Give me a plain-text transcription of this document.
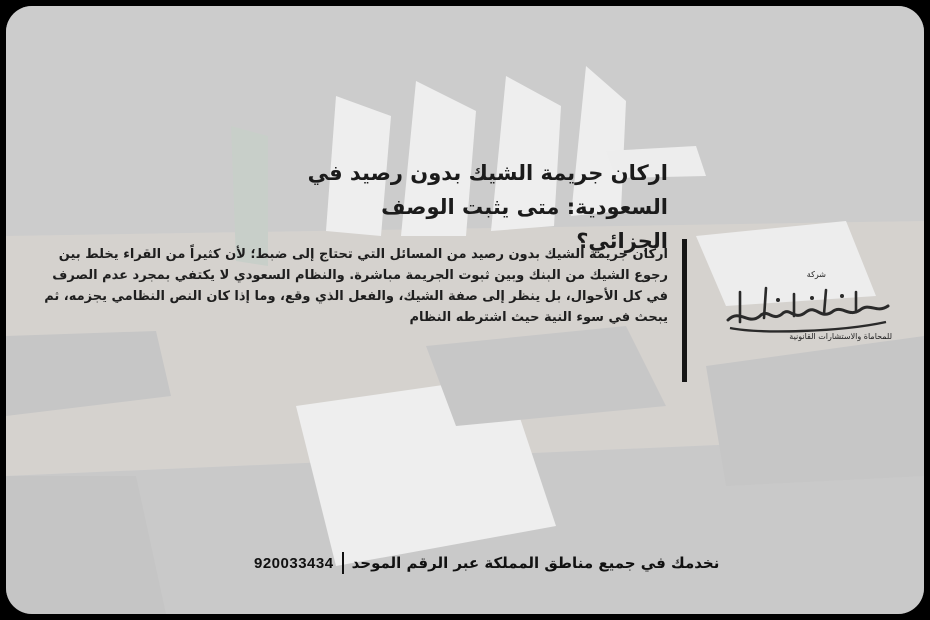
اركان جريمة الشيك بدون رصيد في السعودية: متى يثبت الوصف الجزائي؟
اركان جريمة الشيك بدون رصيد من المسائل التي تحتاج إلى ضبط؛ لأن كثيراً من القراء يخلط بين رجوع الشيك من البنك وبين ثبوت الجريمة مباشرة. والنظام السعودي لا يكتفي بمجرد عدم الصرف في كل الأحوال، بل ينظر إلى صفة الشيك، والفعل الذي وقع، وما إذا كان النص النظامي يجزمه، ثم يبحث في سوء النية حيث اشترطه النظام
شركة
للمحاماة والاستشارات القانونية
920033434 نخدمك في جميع مناطق المملكة عبر الرقم الموحد
